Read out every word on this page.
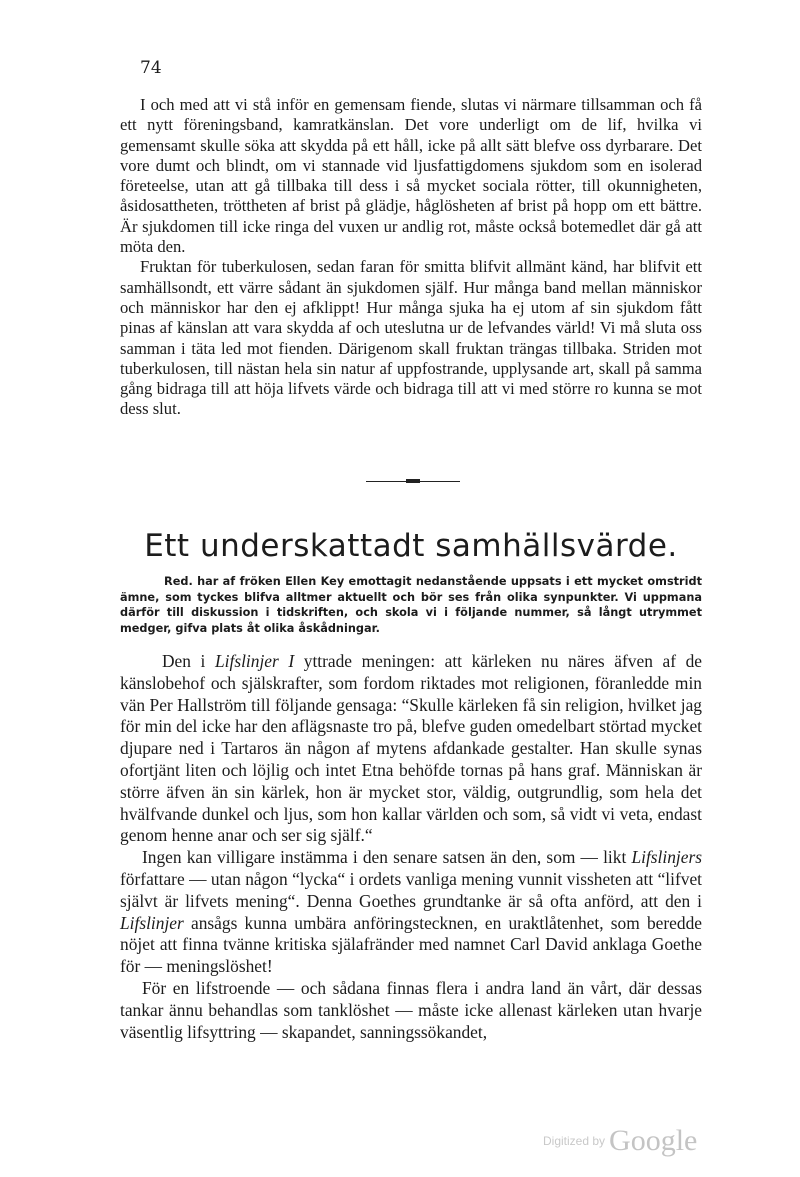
74

I och med att vi stå inför en gemensam fiende, slutas vi närmare tillsamman och få ett nytt föreningsband, kamratkänslan. Det vore underligt om de lif, hvilka vi gemensamt skulle söka att skydda på ett håll, icke på allt sätt blefve oss dyrbarare. Det vore dumt och blindt, om vi stannade vid ljusfattigdomens sjukdom som en isolerad företeelse, utan att gå tillbaka till dess i så mycket sociala rötter, till okunnigheten, åsidosattheten, tröttheten af brist på glädje, håglösheten af brist på hopp om ett bättre. Är sjukdomen till icke ringa del vuxen ur andlig rot, måste också botemedlet där gå att möta den.

Fruktan för tuberkulosen, sedan faran för smitta blifvit allmänt känd, har blifvit ett samhällsondt, ett värre sådant än sjukdomen själf. Hur många band mellan människor och människor har den ej afklippt! Hur många sjuka ha ej utom af sin sjukdom fått pinas af känslan att vara skydda af och uteslutna ur de lefvandes värld! Vi må sluta oss samman i täta led mot fienden. Därigenom skall fruktan trängas tillbaka. Striden mot tuberkulosen, till nästan hela sin natur af uppfostrande, upplysande art, skall på samma gång bidraga till att höja lifvets värde och bidraga till att vi med större ro kunna se mot dess slut.

Ett underskattadt samhällsvärde.

Red. har af fröken Ellen Key emottagit nedanstående uppsats i ett mycket omstridt ämne, som tyckes blifva alltmer aktuellt och bör ses från olika synpunkter. Vi uppmana därför till diskussion i tidskriften, och skola vi i följande nummer, så långt utrymmet medger, gifva plats åt olika åskådningar.

Den i Lifslinjer I yttrade meningen: att kärleken nu näres äfven af de känslobehof och själskrafter, som fordom riktades mot religionen, föranledde min vän Per Hallström till följande gensaga: “Skulle kärleken få sin religion, hvilket jag för min del icke har den aflägsnaste tro på, blefve guden omedelbart störtad mycket djupare ned i Tartaros än någon af mytens afdankade gestalter. Han skulle synas ofortjänt liten och löjlig och intet Etna behöfde tornas på hans graf. Människan är större äfven än sin kärlek, hon är mycket stor, väldig, outgrundlig, som hela det hvälfvande dunkel och ljus, som hon kallar världen och som, så vidt vi veta, endast genom henne anar och ser sig själf.“

Ingen kan villigare instämma i den senare satsen än den, som — likt Lifslinjers författare — utan någon “lycka“ i ordets vanliga mening vunnit vissheten att “lifvet självt är lifvets mening“. Denna Goethes grundtanke är så ofta anförd, att den i Lifslinjer ansågs kunna umbära anföringstecknen, en uraktlåtenhet, som beredde nöjet att finna tvänne kritiska själafränder med namnet Carl David anklaga Goethe för — meningslöshet!

För en lifstroende — och sådana finnas flera i andra land än vårt, där dessas tankar ännu behandlas som tanklöshet — måste icke allenast kärleken utan hvarje väsentlig lifsyttring — skapandet, sanningssökandet,

Digitized by Google
